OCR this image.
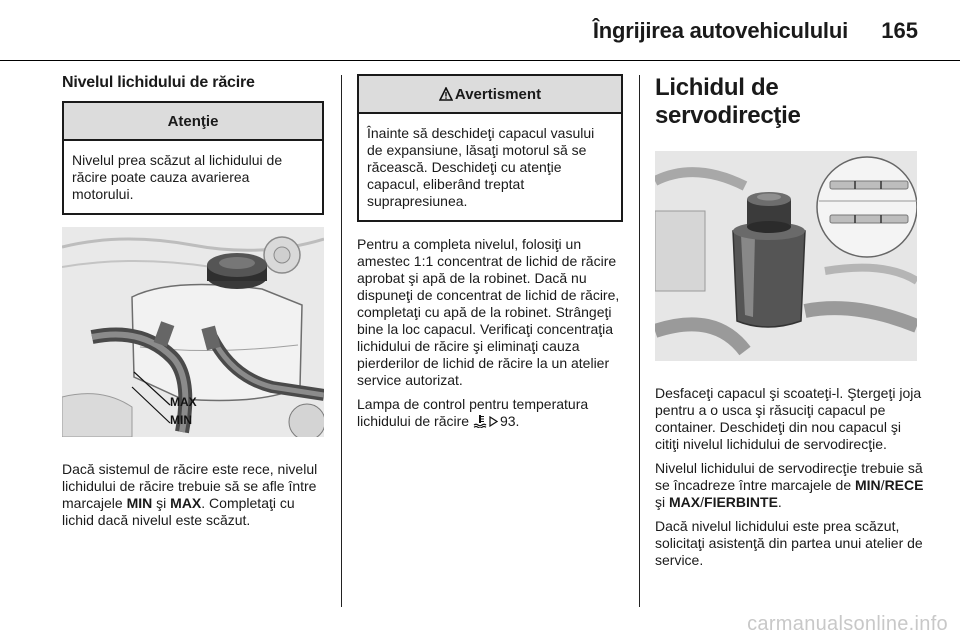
Îngrijirea autovehiculului 165
Nivelul lichidului de răcire
Atenţie
Nivelul prea scăzut al lichidului de răcire poate cauza avarierea motorului.
MAX
MIN

Dacă sistemul de răcire este rece, nivelul lichidului de răcire trebuie să se afle între marcajele MIN şi MAX. Completaţi cu lichid dacă nivelul este scăzut.

Avertisment
Înainte să deschideţi capacul vasului de expansiune, lăsaţi motorul să se răcească. Deschideţi cu atenţie capacul, eliberând treptat suprapresiunea.

Pentru a completa nivelul, folosiţi un amestec 1:1 concentrat de lichid de răcire aprobat şi apă de la robinet. Dacă nu dispuneţi de concentrat de lichid de răcire, completaţi cu apă de la robinet. Strângeţi bine la loc capacul. Verificaţi concentraţia lichidului de răcire şi eliminaţi cauza pierderilor de lichid de răcire la un atelier service autorizat.

Lampa de control pentru temperatura lichidului de răcire 93.

Lichidul de servodirecţie

Desfaceţi capacul şi scoateţi-l. Ştergeţi joja pentru a o usca şi răsuciţi capacul pe container. Deschideţi din nou capacul şi citiţi nivelul lichidului de servodirecţie.

Nivelul lichidului de servodirecţie trebuie să se încadreze între marcajele de MIN/RECE şi MAX/FIERBINTE.

Dacă nivelul lichidului este prea scăzut, solicitaţi asistenţă din partea unui atelier de service.

carmanualsonline.info
